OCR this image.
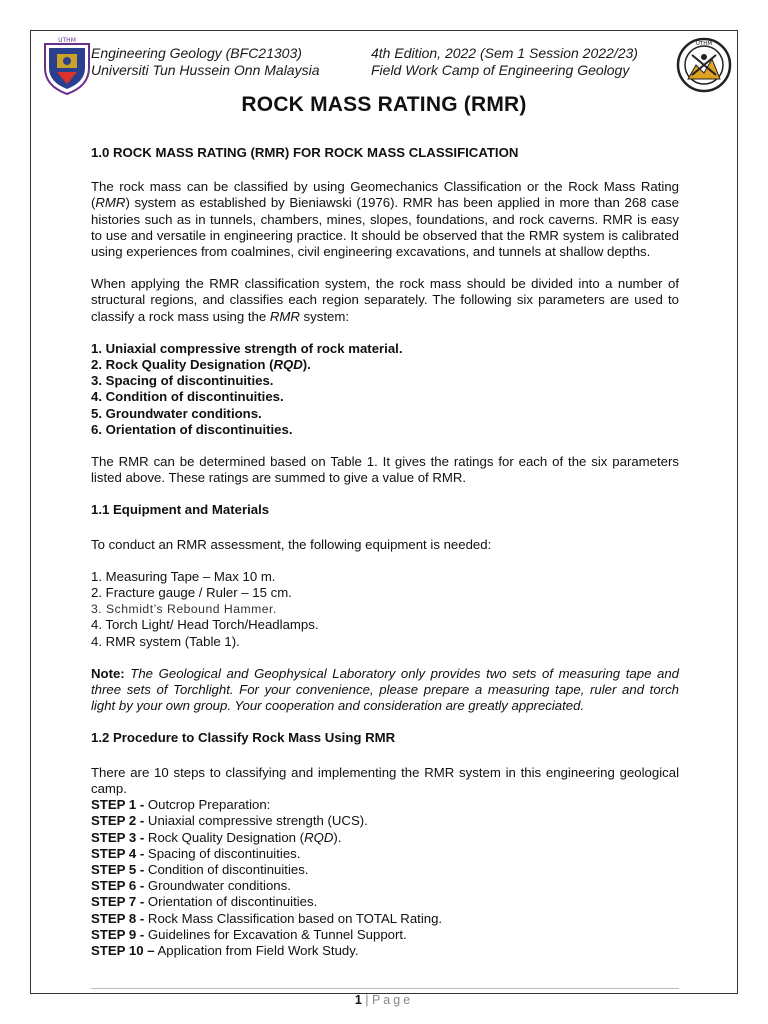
UTHM
Engineering Geology (BFC21303)
Universiti Tun Hussein Onn Malaysia
4th Edition, 2022 (Sem 1 Session 2022/23)
Field Work Camp of Engineering Geology
UTHM
ROCK MASS RATING (RMR)
1.0 ROCK MASS RATING (RMR) FOR ROCK MASS CLASSIFICATION

The rock mass can be classified by using Geomechanics Classification or the Rock Mass Rating (RMR) system as established by Bieniawski (1976). RMR has been applied in more than 268 case histories such as in tunnels, chambers, mines, slopes, foundations, and rock caverns. RMR is easy to use and versatile in engineering practice. It should be observed that the RMR system is calibrated using experiences from coalmines, civil engineering excavations, and tunnels at shallow depths.

When applying the RMR classification system, the rock mass should be divided into a number of structural regions, and classifies each region separately. The following six parameters are used to classify a rock mass using the RMR system:

1. Uniaxial compressive strength of rock material.
2. Rock Quality Designation (RQD).
3. Spacing of discontinuities.
4. Condition of discontinuities.
5. Groundwater conditions.
6. Orientation of discontinuities.

The RMR can be determined based on Table 1. It gives the ratings for each of the six parameters listed above. These ratings are summed to give a value of RMR.

1.1 Equipment and Materials

To conduct an RMR assessment, the following equipment is needed:

1. Measuring Tape – Max 10 m.
2. Fracture gauge / Ruler – 15 cm.
3. Schmidt’s Rebound Hammer.
4. Torch Light/ Head Torch/Headlamps.
4. RMR system (Table 1).

Note: The Geological and Geophysical Laboratory only provides two sets of measuring tape and three sets of Torchlight. For your convenience, please prepare a measuring tape, ruler and torch light by your own group. Your cooperation and consideration are greatly appreciated.

1.2 Procedure to Classify Rock Mass Using RMR

There are 10 steps to classifying and implementing the RMR system in this engineering geological camp.

STEP 1 - Outcrop Preparation:
STEP 2 - Uniaxial compressive strength (UCS).
STEP 3 - Rock Quality Designation (RQD).
STEP 4 - Spacing of discontinuities.
STEP 5 - Condition of discontinuities.
STEP 6 - Groundwater conditions.
STEP 7 - Orientation of discontinuities.
STEP 8 - Rock Mass Classification based on TOTAL Rating.
STEP 9 - Guidelines for Excavation & Tunnel Support.
STEP 10 – Application from Field Work Study.
1 | Page
